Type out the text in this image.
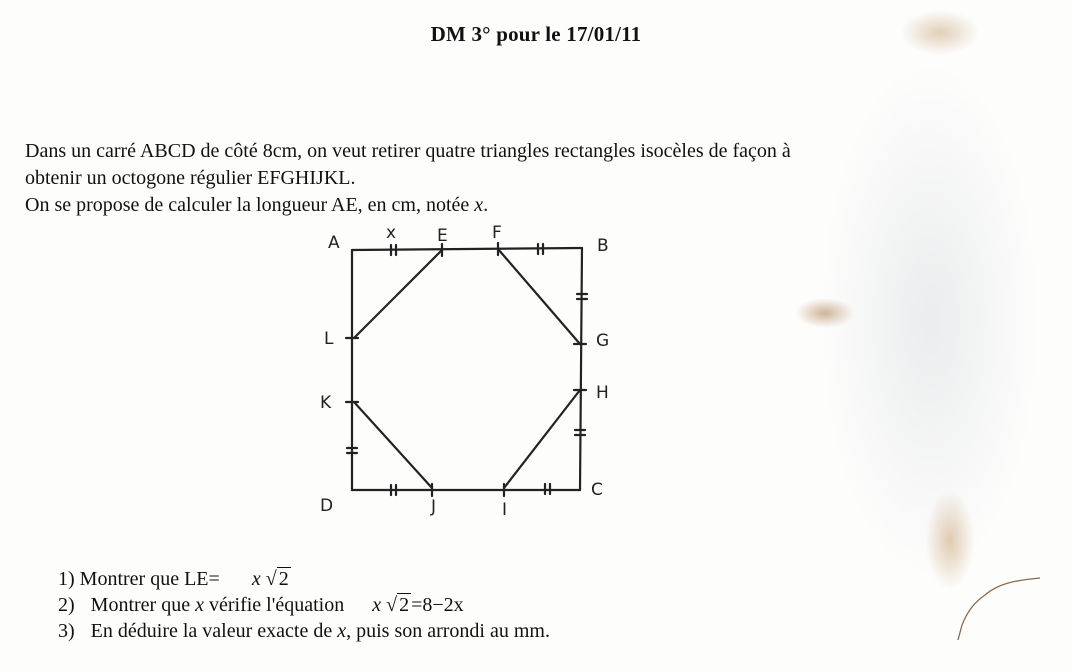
DM 3° pour le 17/01/11

Dans un carré ABCD de côté 8cm, on veut retirer quatre triangles rectangles isocèles de façon à

obtenir un octogone régulier EFGHIJKL.

On se propose de calculer la longueur AE, en cm, notée x.

A	x E	F
B
L	G
K	H
D	J	I
C
1) Montrer que LE= x √ 2
2) Montrer que x vérifie l'équation x √ 2 =8−2x
3) En déduire la valeur exacte de x, puis son arrondi au mm.
